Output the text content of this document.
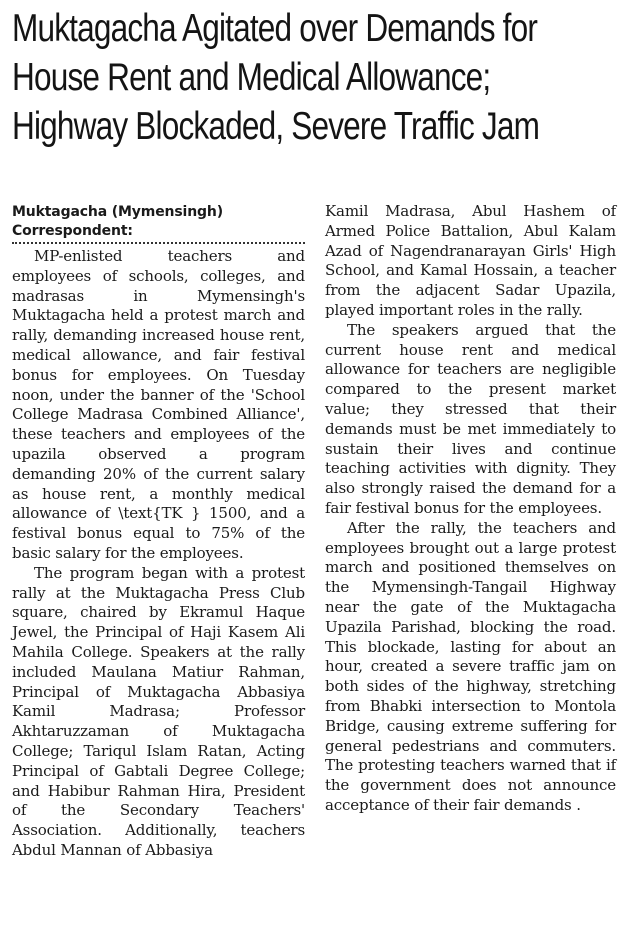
Muktagacha Agitated over Demands for
House Rent and Medical Allowance;
Highway Blockaded, Severe Traffic Jam
Muktagacha (Mymensingh)
Correspondent:

MP-enlisted teachers and employees of schools, colleges, and madrasas in Mymensingh's Muktagacha held a protest march and rally, demanding increased house rent, medical allowance, and fair festival bonus for employees. On Tuesday noon, under the banner of the 'School College Madrasa Combined Alliance', these teachers and employees of the upazila observed a program demanding 20% of the current salary as house rent, a monthly medical allowance of \text{TK } 1500, and a festival bonus equal to 75% of the basic salary for the employees.

The program began with a protest rally at the Muktagacha Press Club square, chaired by Ekramul Haque Jewel, the Principal of Haji Kasem Ali Mahila College. Speakers at the rally included Maulana Matiur Rahman, Principal of Muktagacha Abbasiya Kamil Madrasa; Professor Akhtaruzzaman of Muktagacha College; Tariqul Islam Ratan, Acting Principal of Gabtali Degree College; and Habibur Rahman Hira, President of the Secondary Teachers' Association. Additionally, teachers Abdul Mannan of Abbasiya

Kamil Madrasa, Abul Hashem of Armed Police Battalion, Abul Kalam Azad of Nagendranarayan Girls' High School, and Kamal Hossain, a teacher from the adjacent Sadar Upazila, played important roles in the rally.

The speakers argued that the current house rent and medical allowance for teachers are negligible compared to the present market value; they stressed that their demands must be met immediately to sustain their lives and continue teaching activities with dignity. They also strongly raised the demand for a fair festival bonus for the employees.

After the rally, the teachers and employees brought out a large protest march and positioned themselves on the Mymensingh-Tangail Highway near the gate of the Muktagacha Upazila Parishad, blocking the road. This blockade, lasting for about an hour, created a severe traffic jam on both sides of the highway, stretching from Bhabki intersection to Montola Bridge, causing extreme suffering for general pedestrians and commuters. The protesting teachers warned that if the government does not announce acceptance of their fair demands .
